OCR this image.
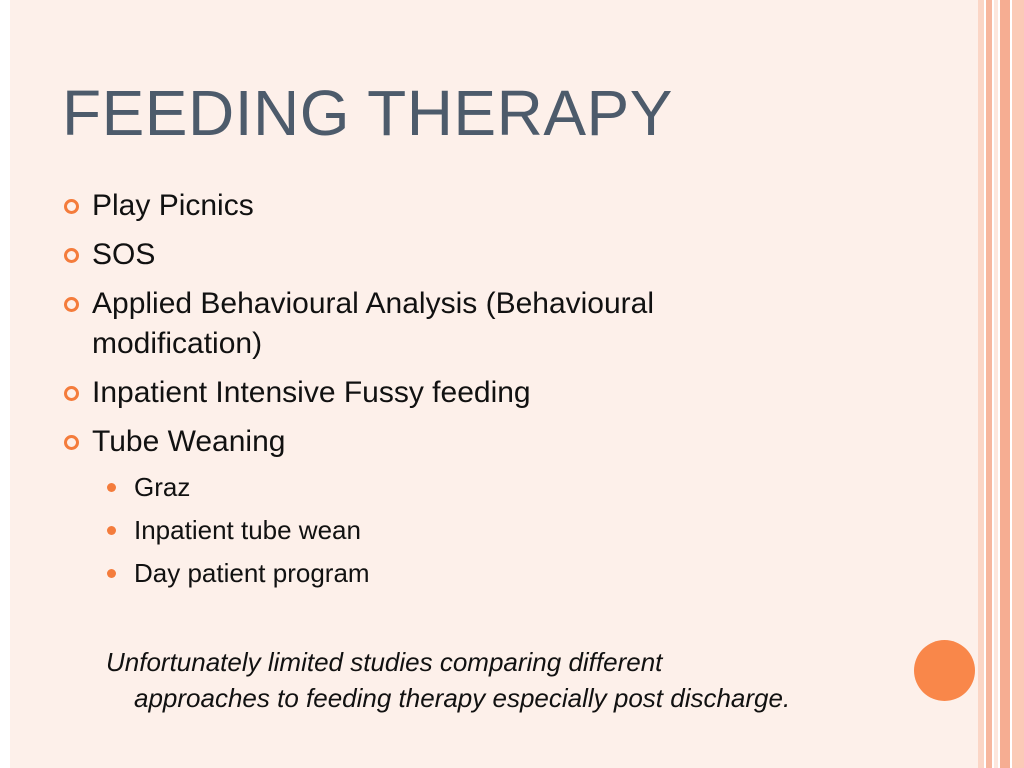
FEEDING THERAPY
Play Picnics
SOS
Applied Behavioural Analysis (Behavioural modification)
Inpatient Intensive Fussy feeding
Tube Weaning
Graz
Inpatient tube wean
Day patient program
Unfortunately limited studies comparing different approaches to feeding therapy especially post discharge.
